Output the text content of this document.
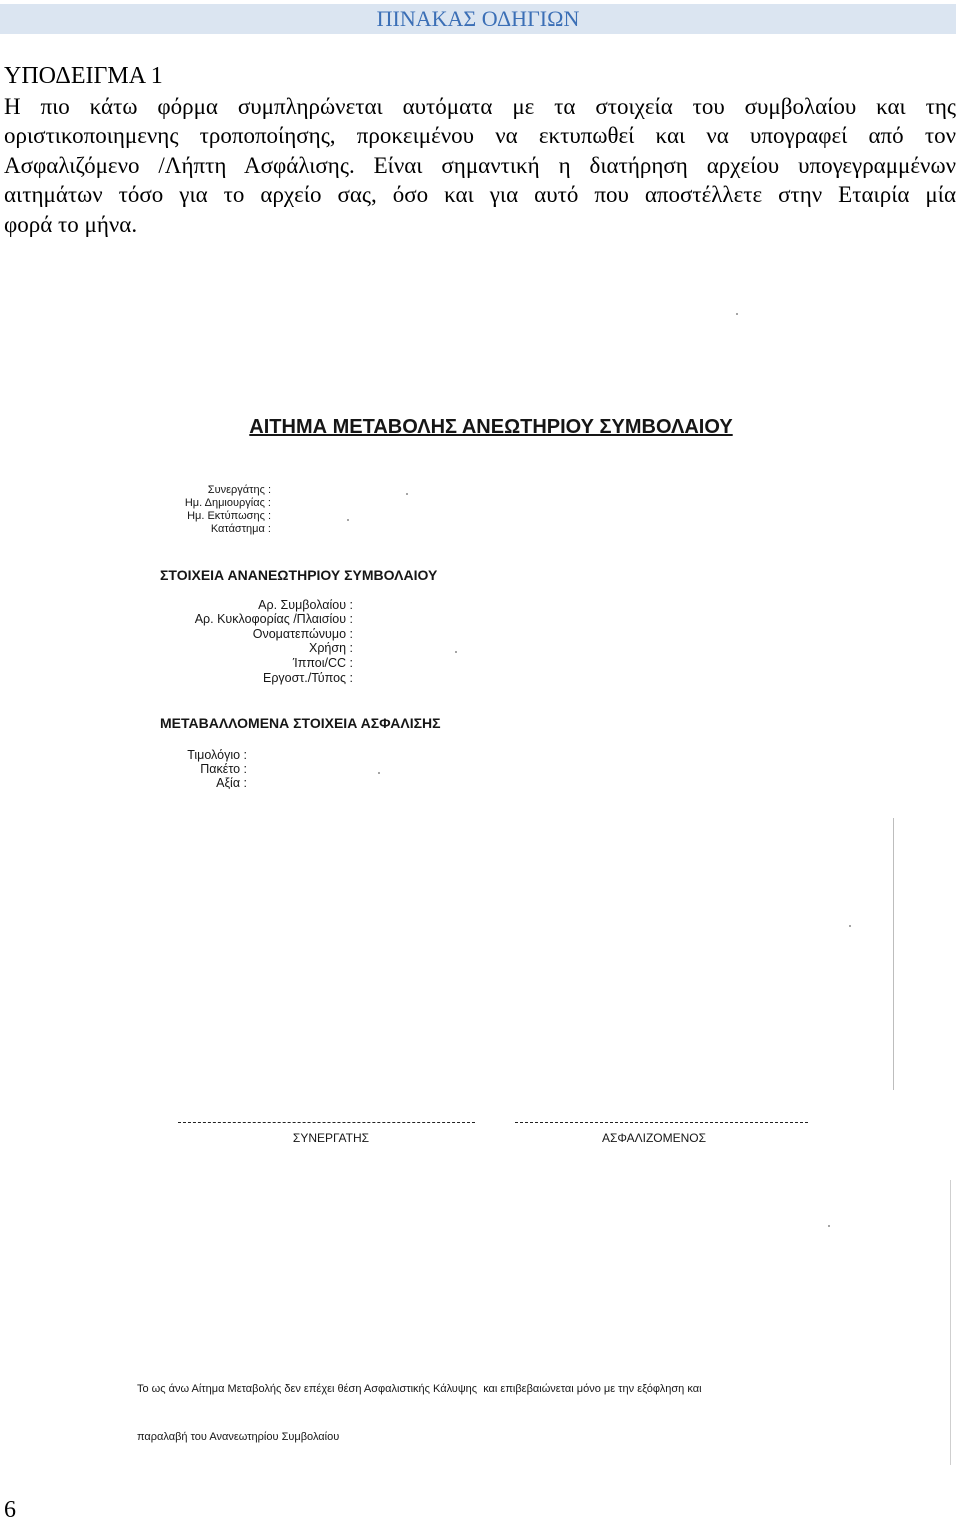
ΠΙΝΑΚΑΣ ΟΔΗΓΙΩΝ
ΥΠΟΔΕΙΓΜΑ 1
Η πιο κάτω φόρμα συμπληρώνεται αυτόματα με τα στοιχεία του συμβολαίου και της
οριστικοποιημενης τροποποίησης, προκειμένου να εκτυπωθεί και να υπογραφεί από τον
Ασφαλιζόμενο /Λήπτη Ασφάλισης. Είναι σημαντική η διατήρηση αρχείου υπογεγραμμένων
αιτημάτων τόσο για το αρχείο σας, όσο και για αυτό που αποστέλλετε στην Εταιρία μία
φορά το μήνα.
ΑΙΤΗΜΑ ΜΕΤΑΒΟΛΗΣ ΑΝΕΩΤΗΡΙΟΥ ΣΥΜΒΟΛΑΙΟΥ
Συνεργάτης :
Ημ. Δημιουργίας :
Ημ. Εκτύπωσης :
Κατάστημα :
ΣΤΟΙΧΕΙΑ ΑΝΑΝΕΩΤΗΡΙΟΥ ΣΥΜΒΟΛΑΙΟΥ
Αρ. Συμβολαίου :
Αρ. Κυκλοφορίας /Πλαισίου :
Ονοματεπώνυμο :
Χρήση :
Ίπποι/CC :
Εργοστ./Τύπος :
ΜΕΤΑΒΑΛΛΟΜΕΝΑ ΣΤΟΙΧΕΙΑ ΑΣΦΑΛΙΣΗΣ
Τιμολόγιο :
Πακέτο :
Αξία :
ΣΥΝΕΡΓΑΤΗΣ	ΑΣΦΑΛΙΖΟΜΕΝΟΣ

Το ως άνω Αίτημα Μεταβολής δεν επέχει θέση Ασφαλιστικής Κάλυψης  και επιβεβαιώνεται μόνο με την εξόφληση και

παραλαβή του Ανανεωτηρίου Συμβολαίου

6
